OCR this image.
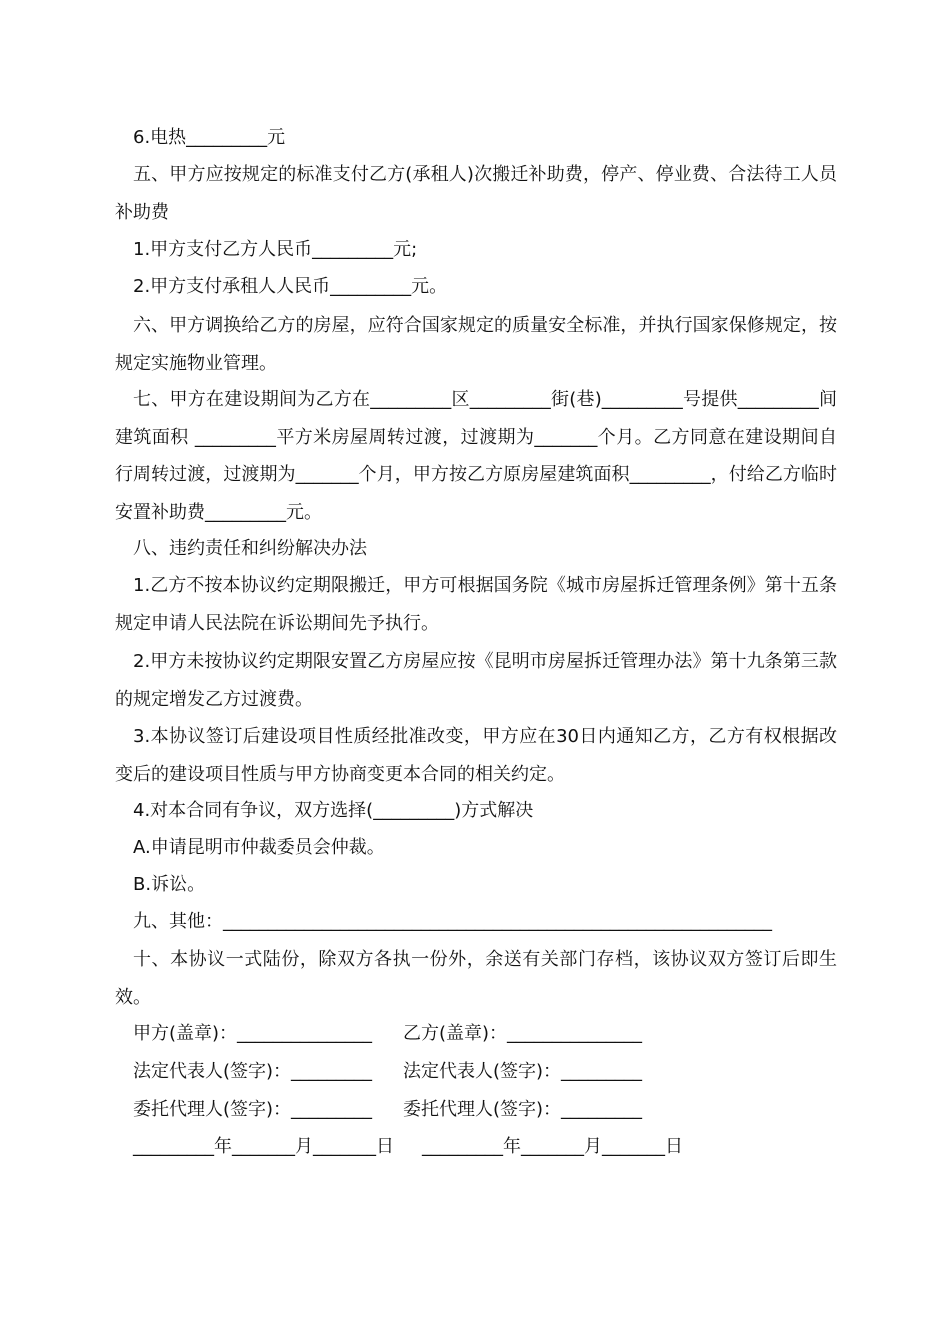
6.电热_________元

五、甲方应按规定的标准支付乙方(承租人)次搬迁补助费，停产、停业费、合法待工人员补助费

1.甲方支付乙方人民币_________元;

2.甲方支付承租人人民币_________元。

六、甲方调换给乙方的房屋，应符合国家规定的质量安全标准，并执行国家保修规定，按规定实施物业管理。

七、甲方在建设期间为乙方在_________区_________街(巷)_________号提供_________间建筑面积 _________平方米房屋周转过渡，过渡期为_______个月。乙方同意在建设期间自行周转过渡，过渡期为_______个月，甲方按乙方原房屋建筑面积_________，付给乙方临时安置补助费_________元。

八、违约责任和纠纷解决办法

1.乙方不按本协议约定期限搬迁，甲方可根据国务院《城市房屋拆迁管理条例》第十五条规定申请人民法院在诉讼期间先予执行。

2.甲方未按协议约定期限安置乙方房屋应按《昆明市房屋拆迁管理办法》第十九条第三款的规定增发乙方过渡费。

3.本协议签订后建设项目性质经批准改变，甲方应在30日内通知乙方，乙方有权根据改变后的建设项目性质与甲方协商变更本合同的相关约定。

4.对本合同有争议，双方选择(_________)方式解决

A.申请昆明市仲裁委员会仲裁。

B.诉讼。

九、其他：_____________________________________________________________

十、本协议一式陆份，除双方各执一份外，余送有关部门存档，该协议双方签订后即生效。

甲方(盖章)：_______________

法定代表人(签字)：_________

委托代理人(签字)：_________

_________年_______月_______日

乙方(盖章)：_______________

法定代表人(签字)：_________

委托代理人(签字)：_________

_________年_______月_______日
